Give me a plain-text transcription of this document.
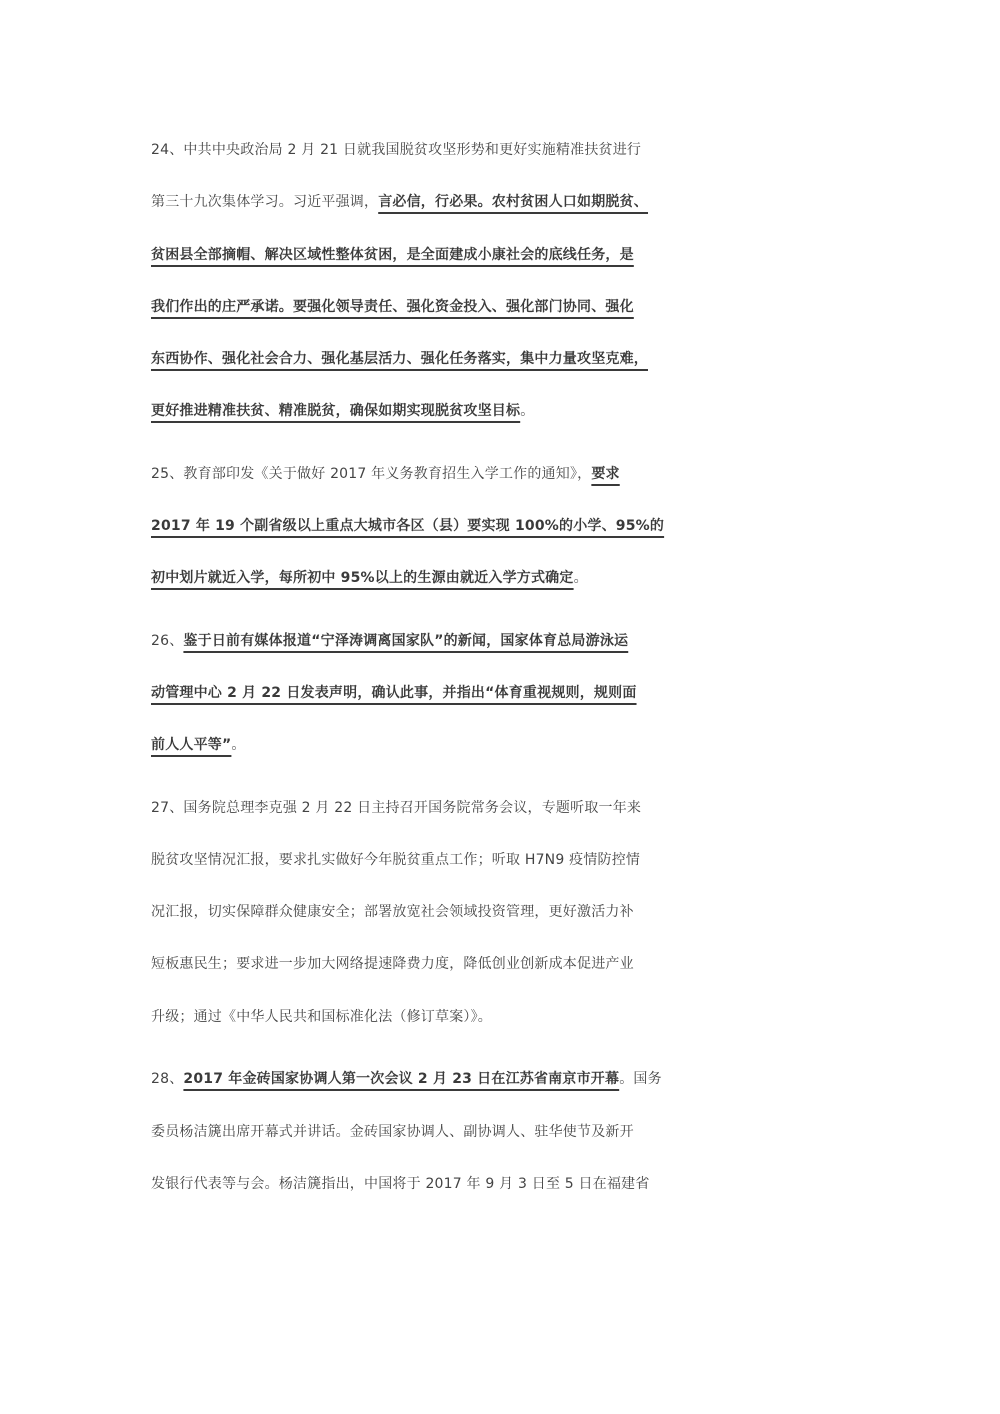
24、中共中央政治局 2 月 21 日就我国脱贫攻坚形势和更好实施精准扶贫进行
第三十九次集体学习。习近平强调，言必信，行必果。农村贫困人口如期脱贫、
贫困县全部摘帽、解决区域性整体贫困，是全面建成小康社会的底线任务，是
我们作出的庄严承诺。要强化领导责任、强化资金投入、强化部门协同、强化
东西协作、强化社会合力、强化基层活力、强化任务落实，集中力量攻坚克难，
更好推进精准扶贫、精准脱贫，确保如期实现脱贫攻坚目标。
25、教育部印发《关于做好 2017 年义务教育招生入学工作的通知》，要求
2017 年 19 个副省级以上重点大城市各区（县）要实现 100%的小学、95%的
初中划片就近入学，每所初中 95%以上的生源由就近入学方式确定。
26、鉴于日前有媒体报道“宁泽涛调离国家队”的新闻，国家体育总局游泳运
动管理中心 2 月 22 日发表声明，确认此事，并指出“体育重视规则，规则面
前人人平等”。
27、国务院总理李克强 2 月 22 日主持召开国务院常务会议，专题听取一年来
脱贫攻坚情况汇报，要求扎实做好今年脱贫重点工作；听取 H7N9 疫情防控情
况汇报，切实保障群众健康安全；部署放宽社会领域投资管理，更好激活力补
短板惠民生；要求进一步加大网络提速降费力度，降低创业创新成本促进产业
升级；通过《中华人民共和国标准化法（修订草案）》。
28、2017 年金砖国家协调人第一次会议 2 月 23 日在江苏省南京市开幕。国务
委员杨洁篪出席开幕式并讲话。金砖国家协调人、副协调人、驻华使节及新开
发银行代表等与会。杨洁篪指出，中国将于 2017 年 9 月 3 日至 5 日在福建省
